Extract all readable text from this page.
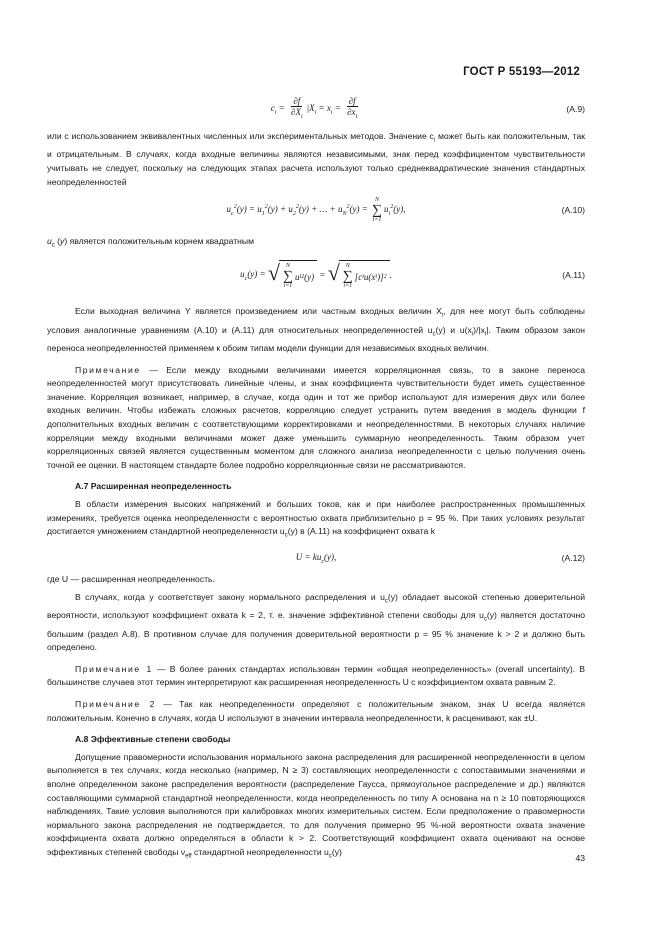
ГОСТ Р 55193—2012
$c_i = \frac{\partial f}{\partial X_i} |X_i = x_i = \frac{\partial f}{\partial x_i}$	(А.9)

или с использованием эквивалентных численных или экспериментальных методов. Значение $c_i$ может быть как положительным, так и отрицательным. В случаях, когда входные величины являются независимыми, знак перед коэффициентом чувствительности учитывать не следует, поскольку на следующих этапах расчета используют только среднеквадратические значения стандартных неопределенностей

$u_c^2(y) = u_1^2(y) + u_2^2(y)$ + … + $u_N^2(y)$ =
N
∑
i=1
$u_i^2(y)$,	(А.10)

$u_c$ (y) является положительным корнем квадратным

$u_c(y)$ = √ N
∑
i=1
u i 2 (y) = √ N
∑
i=1
[c i u(x i )] 2 .	(А.11)

Если выходная величина Y является произведением или частным входных величин $X_i$, для нее могут быть соблюдены условия аналогичные уравнениям (А.10) и (А.11) для относительных неопределенностей $u_c(y)$ и $u(x_i)/|x_i|$. Таким образом закон переноса неопределенностей применяем к обоим типам модели функции для независимых входных величин.

Примечание — Если между входными величинами имеется корреляционная связь, то в законе переноса неопределенностей могут присутствовать линейные члены, и знак коэффициента чувствительности будет иметь существенное значение. Корреляция возникает, например, в случае, когда один и тот же прибор используют для измерения двух или более входных величин. Чтобы избежать сложных расчетов, корреляцию следует устранить путем введения в модель функции f дополнительных входных величин с соответствующими корректировками и неопределенностями. В некоторых случаях наличие корреляции между входными величинами может даже уменьшить суммарную неопределенность. Таким образом учет корреляционных связей является существенным моментом для сложного анализа неопределенности с целью получения очень точной ее оценки. В настоящем стандарте более подробно корреляционные связи не рассматриваются.

А.7 Расширенная неопределенность

В области измерения высоких напряжений и больших токов, как и при наиболее распространенных промышленных измерениях, требуется оценка неопределенности с вероятностью охвата приблизительно p = 95 %. При таких условиях результат достигается умножением стандартной неопределенности $u_c(y)$ в (А.11) на коэффициент охвата k

$U = ku_c(y)$,	(А.12)

где U — расширенная неопределенность.

В случаях, когда y соответствует закону нормального распределения и $u_c(y)$ обладает высокой степенью доверительной вероятности, используют коэффициент охвата k = 2, т. е. значение эффективной степени свободы для $u_c(y)$ является достаточно большим (раздел А.8). В противном случае для получения доверительной вероятности p = 95 % значение k > 2 и должно быть определено.

Примечание 1 — В более ранних стандартах использован термин «общая неопределенность» (overall uncertainty). В большинстве случаев этот термин интерпретируют как расширенная неопределенность U с коэффициентом охвата равным 2.

Примечание 2 — Так как неопределенности определяют с положительным знаком, знак U всегда является положительным. Конечно в случаях, когда U используют в значении интервала неопределенности, k расценивают, как ±U.

А.8 Эффективные степени свободы

Допущение правомерности использования нормального закона распределения для расширенной неопределенности в целом выполняется в тех случаях, когда несколько (например, N ≥ 3) составляющих неопределенности с сопоставимыми значениями и вполне определенном законе распределения вероятности (распределение Гаусса, прямоугольное распределение и др.) являются составляющими суммарной стандартной неопределенности, когда неопределенность по типу А основана на n ≥ 10 повторяющихся наблюдениях. Такие условия выполняются при калибровках многих измерительных систем. Если предположение о правомерности нормального закона распределения не подтверждается, то для получения примерно 95 %-ной вероятности охвата значение коэффициента охвата должно определяться в области k > 2. Соответствующий коэффициент охвата оценивают на основе эффективных степеней свободы $\nu_{eff}$ стандартной неопределенности $u_c(y)$

43
